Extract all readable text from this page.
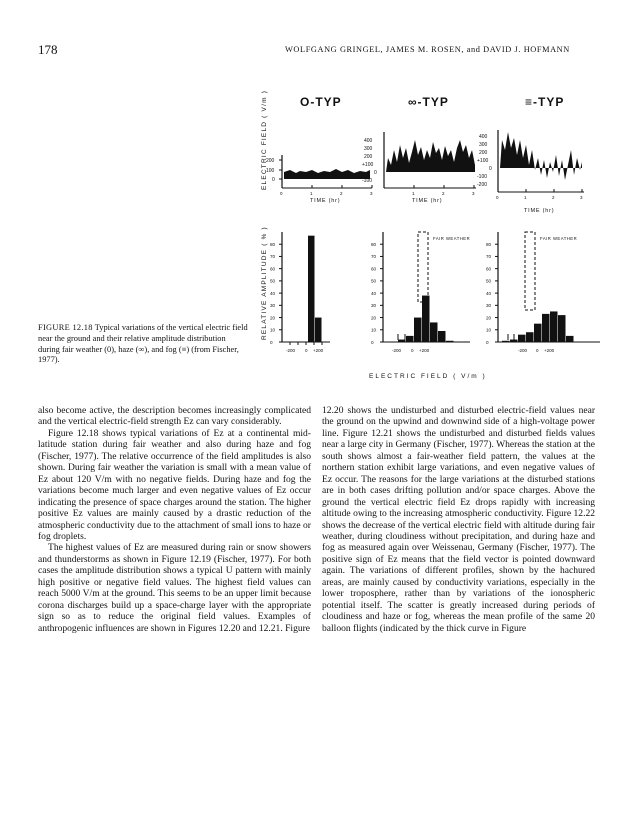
178	WOLFGANG GRINGEL, JAMES M. ROSEN, and DAVID J. HOFMANN
ELECTRIC FIELD ( V/m )
RELATIVE AMPLITUDE ( % )
O-TYP	∞-TYP	≡-TYP
200
100
0
0	1	2	3
TIME (hr)
400
300
200
+100
0
-100
1	2	3
TIME (hr)
400
300
200
+100
0
-100
-200
0	1	2	3
TIME (hr)
-200 0 +200	-200 0 +200
FAIR WEATHER
-200 0 +200
FAIR WEATHER
ELECTRIC FIELD ( V/m )
80
70
60
50
40
30
20
10
0
80
70
60
50
40
30
20
10
0
80
70
60
50
40
30
20
10
0
FIGURE 12.18 Typical variations of the vertical electric field near the ground and their relative amplitude distribution during fair weather (0), haze (∞), and fog (≡) (from Fischer, 1977).

also become active, the description becomes increasingly complicated and the vertical electric-field strength Ez can vary considerably.

Figure 12.18 shows typical variations of Ez at a continental mid-latitude station during fair weather and also during haze and fog (Fischer, 1977). The relative occurrence of the field amplitudes is also shown. During fair weather the variation is small with a mean value of Ez about 120 V/m with no negative fields. During haze and fog the variations become much larger and even negative values of Ez occur indicating the presence of space charges around the station. The higher positive Ez values are mainly caused by a drastic reduction of the atmospheric conductivity due to the attachment of small ions to haze or fog droplets.

The highest values of Ez are measured during rain or snow showers and thunderstorms as shown in Figure 12.19 (Fischer, 1977). For both cases the amplitude distribution shows a typical U pattern with mainly high positive or negative field values. The highest field values can reach 5000 V/m at the ground. This seems to be an upper limit because corona discharges build up a space-charge layer with the appropriate sign so as to reduce the original field values. Examples of anthropogenic influences are shown in Figures 12.20 and 12.21. Figure

12.20 shows the undisturbed and disturbed electric-field values near the ground on the upwind and downwind side of a high-voltage power line. Figure 12.21 shows the undisturbed and disturbed fields values near a large city in Germany (Fischer, 1977). Whereas the station at the south shows almost a fair-weather field pattern, the values at the northern station exhibit large variations, and even negative values of Ez occur. The reasons for the large variations at the disturbed stations are in both cases drifting pollution and/or space charges. Above the ground the vertical electric field Ez drops rapidly with increasing altitude owing to the increasing atmospheric conductivity. Figure 12.22 shows the decrease of the vertical electric field with altitude during fair weather, during cloudiness without precipitation, and during haze and fog as measured again over Weissenau, Germany (Fischer, 1977). The positive sign of Ez means that the field vector is pointed downward again. The variations of different profiles, shown by the hachured areas, are mainly caused by conductivity variations, especially in the lower troposphere, rather than by variations of the ionospheric potential itself. The scatter is greatly increased during periods of cloudiness and haze or fog, whereas the mean profile of the same 20 balloon flights (indicated by the thick curve in Figure
